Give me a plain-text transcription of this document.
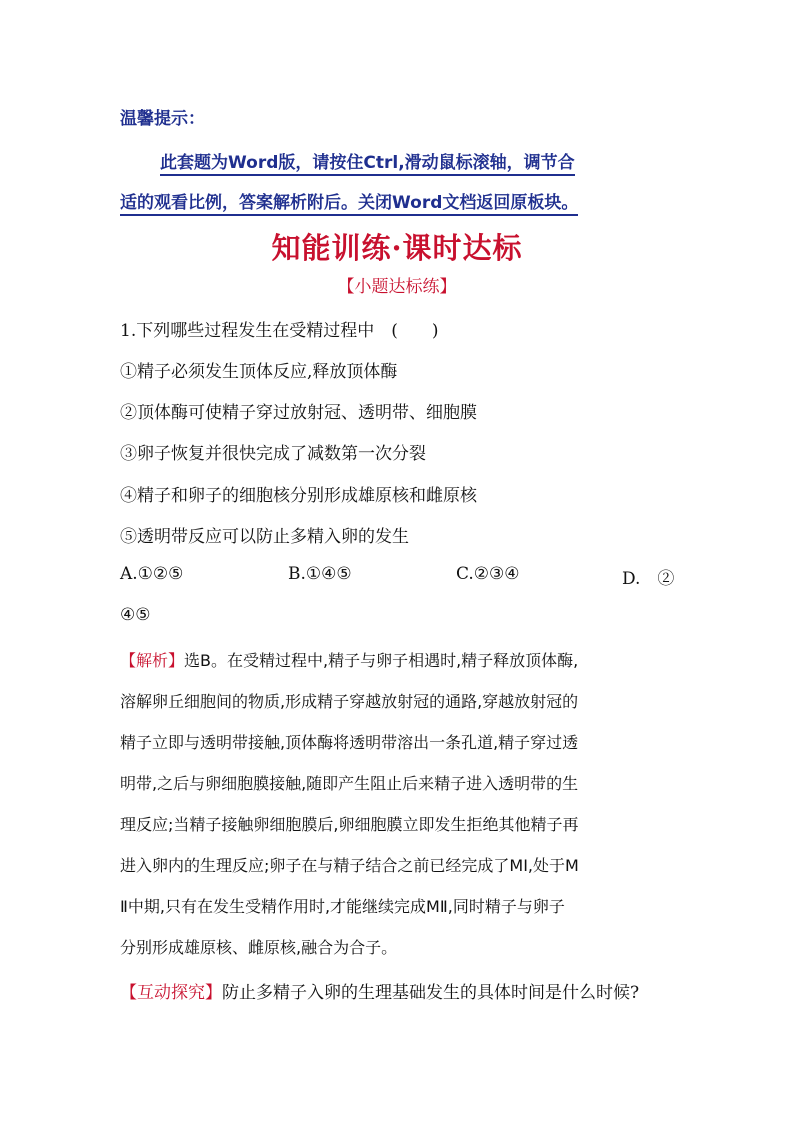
温馨提示：
此套题为Word版，请按住Ctrl,滑动鼠标滚轴，调节合
适的观看比例，答案解析附后。关闭Word文档返回原板块。
知能训练·课时达标
【小题达标练】
1.下列哪些过程发生在受精过程中　(　　)
①精子必须发生顶体反应,释放顶体酶
②顶体酶可使精子穿过放射冠、透明带、细胞膜
③卵子恢复并很快完成了减数第一次分裂
④精子和卵子的细胞核分别形成雄原核和雌原核
⑤透明带反应可以防止多精入卵的发生
A.①②⑤	B.①④⑤	C.②③④	D.　②
④⑤
【解析】选B。在受精过程中,精子与卵子相遇时,精子释放顶体酶,
溶解卵丘细胞间的物质,形成精子穿越放射冠的通路,穿越放射冠的
精子立即与透明带接触,顶体酶将透明带溶出一条孔道,精子穿过透
明带,之后与卵细胞膜接触,随即产生阻止后来精子进入透明带的生
理反应;当精子接触卵细胞膜后,卵细胞膜立即发生拒绝其他精子再
进入卵内的生理反应;卵子在与精子结合之前已经完成了MⅠ,处于M
Ⅱ中期,只有在发生受精作用时,才能继续完成MⅡ,同时精子与卵子
分别形成雄原核、雌原核,融合为合子。
【互动探究】防止多精子入卵的生理基础发生的具体时间是什么时候?
